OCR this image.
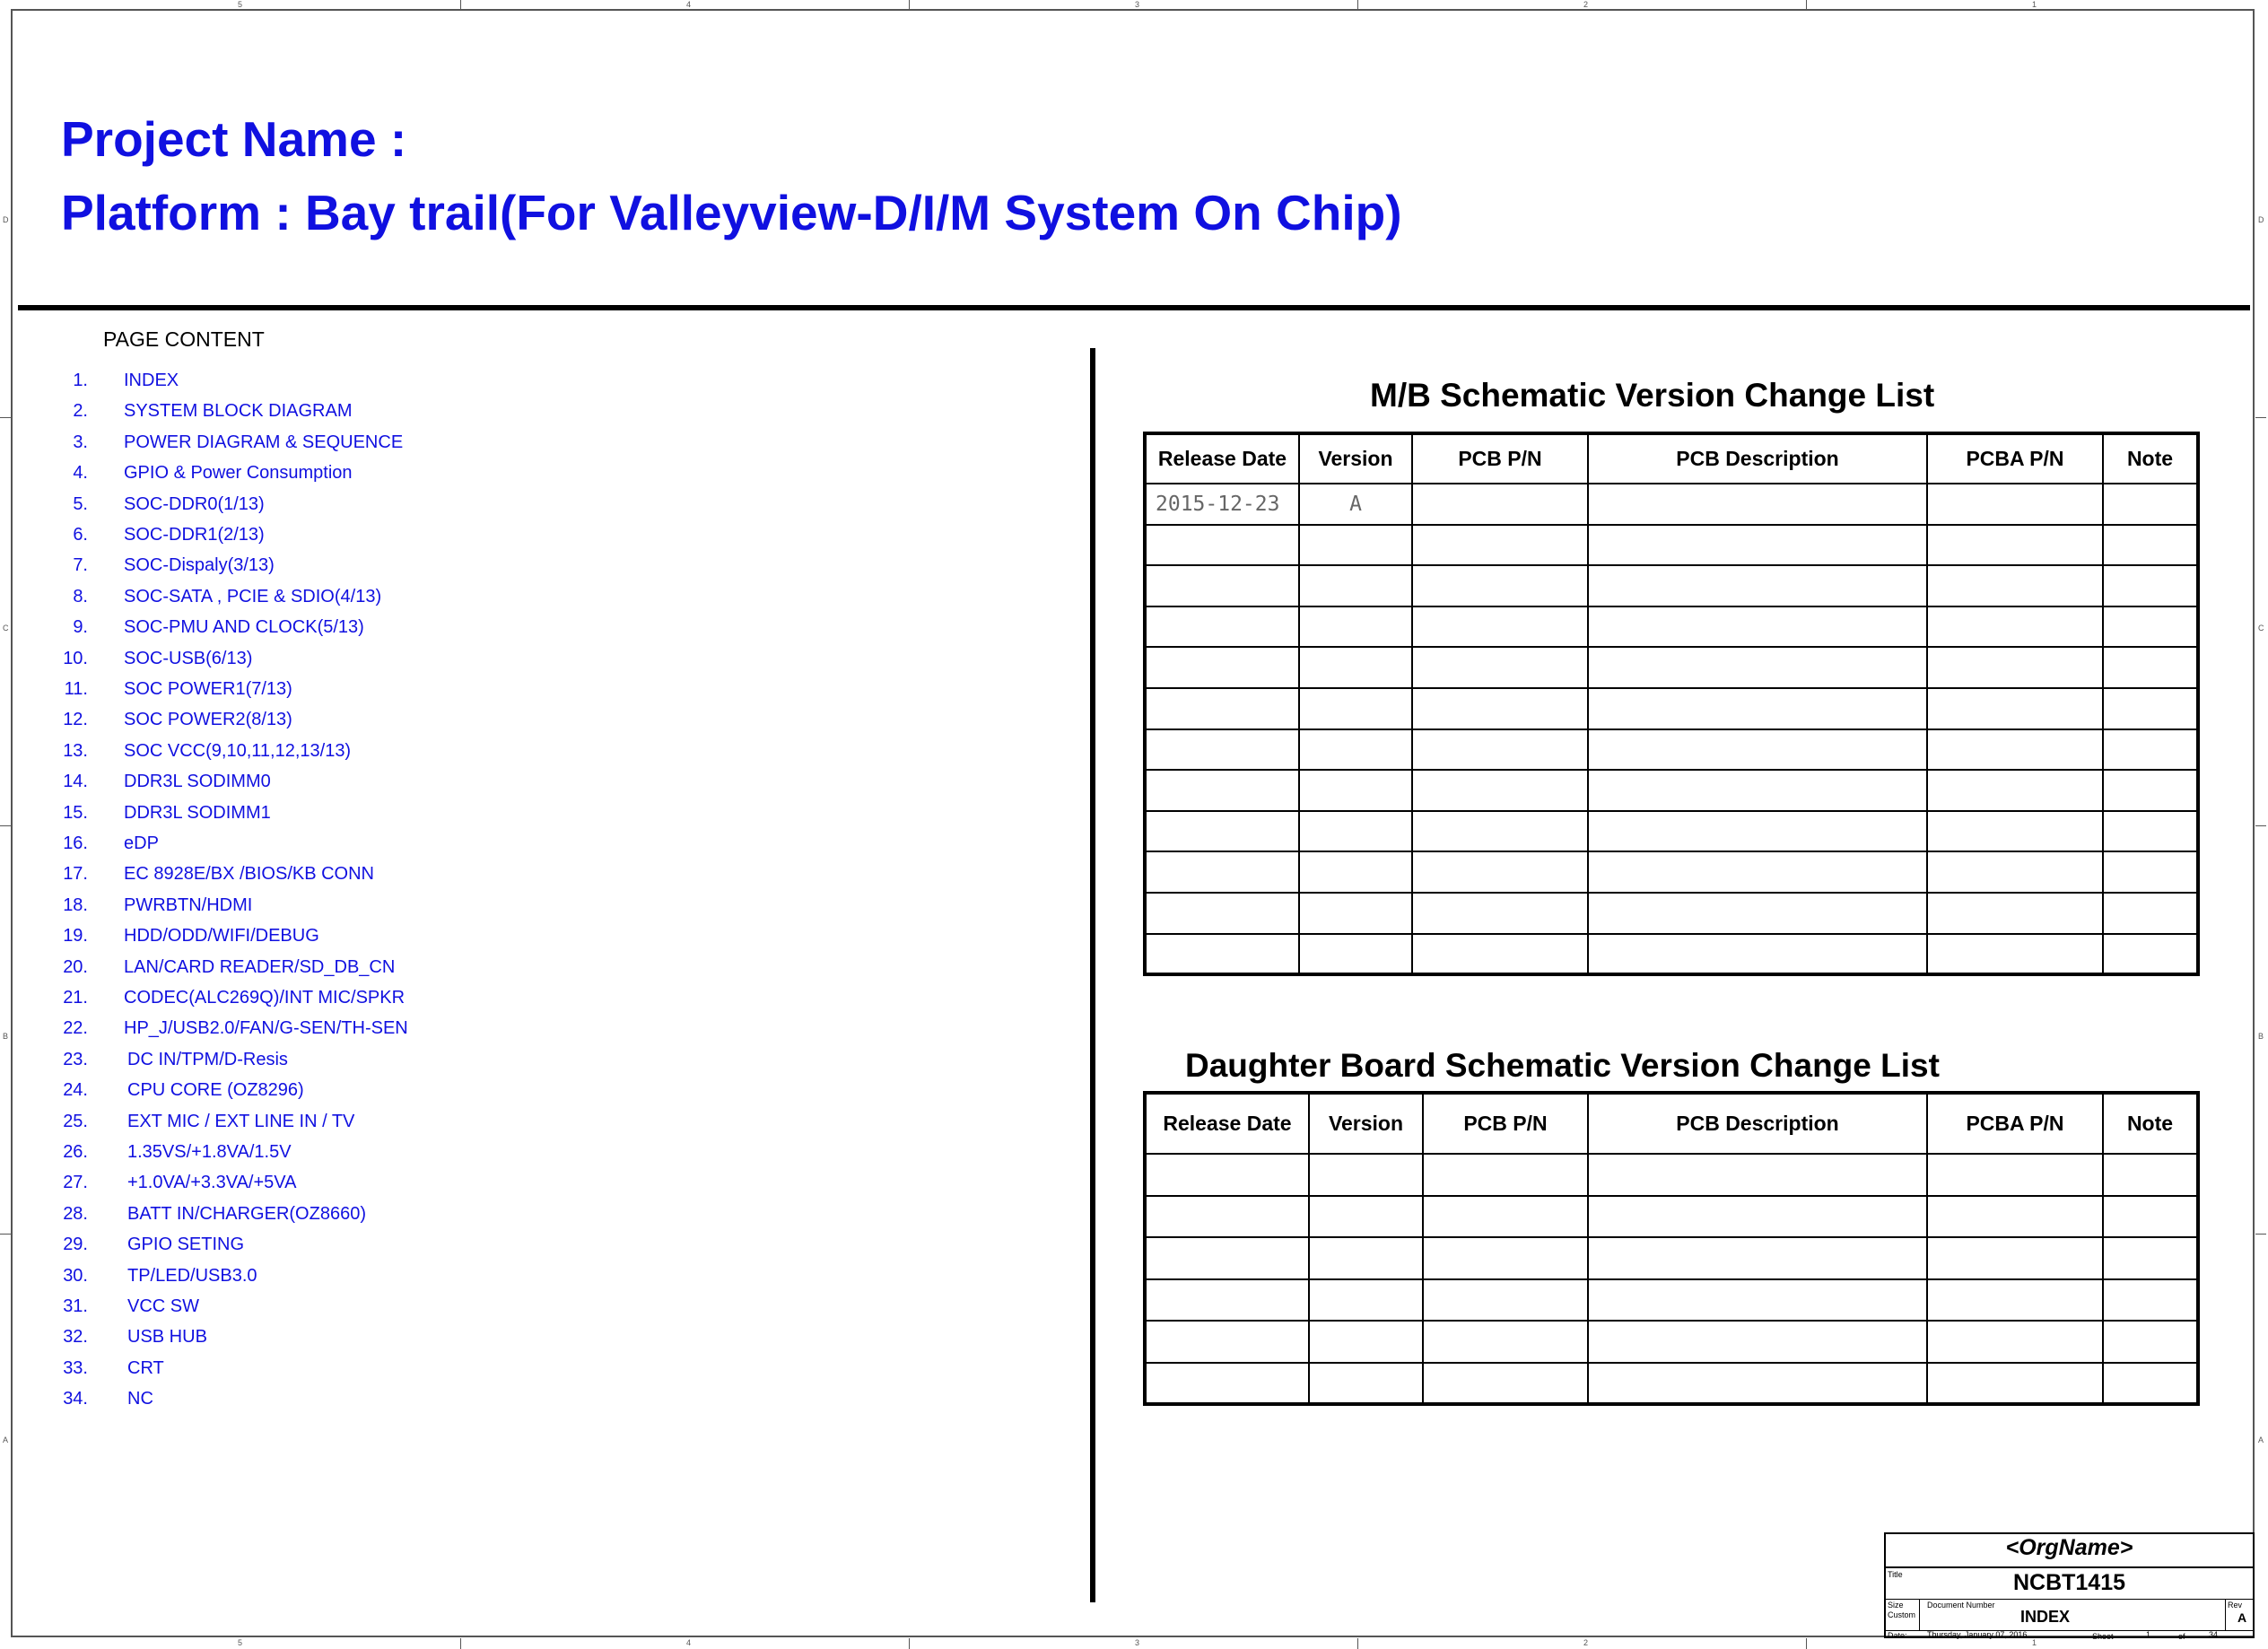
5
5
4
4
3
3
2
2
1
1
D	D
C	C
B	B
A	A
Project Name :
Platform : Bay trail(For Valleyview-D/I/M System On Chip)
PAGE CONTENT
1. INDEX
2. SYSTEM BLOCK DIAGRAM
3. POWER DIAGRAM & SEQUENCE
4. GPIO & Power Consumption
5. SOC-DDR0(1/13)
6. SOC-DDR1(2/13)
7. SOC-Dispaly(3/13)
8. SOC-SATA , PCIE & SDIO(4/13)
9. SOC-PMU AND CLOCK(5/13)
10. SOC-USB(6/13)
11. SOC POWER1(7/13)
12. SOC POWER2(8/13)
13. SOC VCC(9,10,11,12,13/13)
14. DDR3L SODIMM0
15. DDR3L SODIMM1
16. eDP
17. EC 8928E/BX /BIOS/KB CONN
18. PWRBTN/HDMI
19. HDD/ODD/WIFI/DEBUG
20. LAN/CARD READER/SD_DB_CN
21. CODEC(ALC269Q)/INT MIC/SPKR
22. HP_J/USB2.0/FAN/G-SEN/TH-SEN
23. DC IN/TPM/D-Resis
24. CPU CORE (OZ8296)
25. EXT MIC / EXT LINE IN / TV
26. 1.35VS/+1.8VA/1.5V
27. +1.0VA/+3.3VA/+5VA
28. BATT IN/CHARGER(OZ8660)
29. GPIO SETING
30. TP/LED/USB3.0
31. VCC SW
32. USB HUB
33. CRT
34. NC
M/B Schematic Version Change List
Release Date	Version	PCB P/N	PCB Description	PCBA P/N	Note
2015-12-23	A				

Daughter Board Schematic Version Change List
Release Date	Version	PCB P/N	PCB Description	PCBA P/N	Note

<OrgName>
Title	NCBT1415
Size
Custom
Document Number
INDEX
Rev
A
Date: Thursday, January 07, 2016	Sheet	1	of	34
